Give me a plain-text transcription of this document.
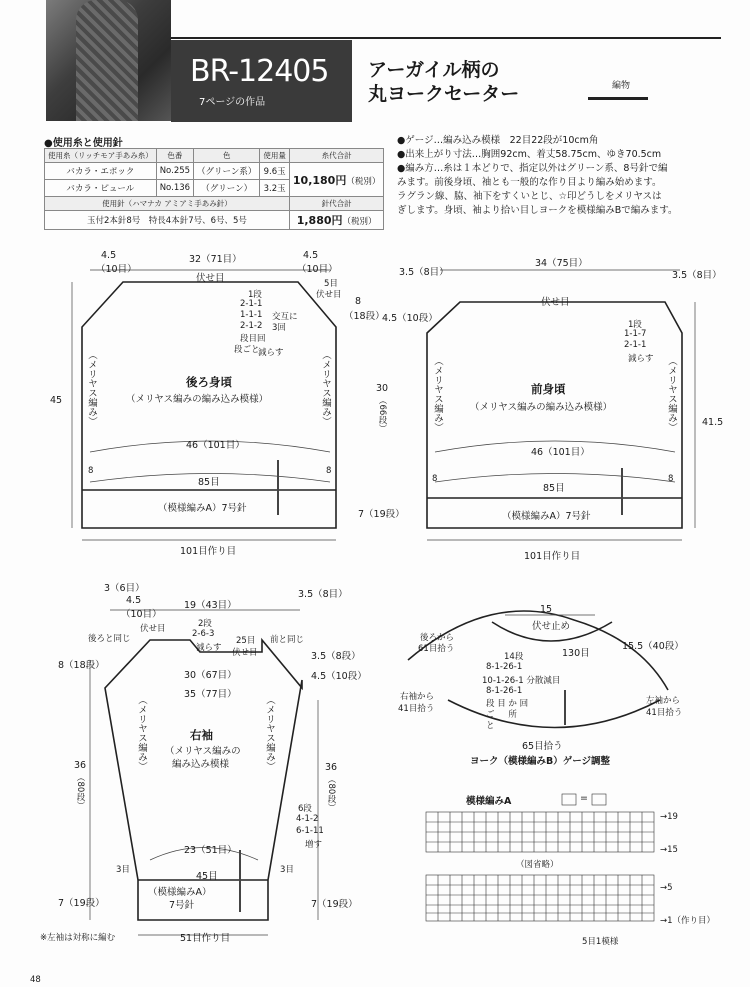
BR-12405
7ページの作品
アーガイル柄の
丸ヨークセーター	編物
●使用糸と使用針
使用糸（リッチモア手あみ糸）	色番	色	使用量	糸代合計
バカラ・エポック	No.255	（グリーン系）	9.6玉	10,180円（税別）
バカラ・ピュール	No.136	（グリーン）	3.2玉	
使用針（ハマナカ アミアミ手あみ針）				針代合計
玉付2本針8号　特長4本針7号、6号、5号				1,880円（税別）
●ゲージ…編み込み模様　22目22段が10cm角
●出来上がり寸法…胸囲92cm、着丈58.75cm、ゆき70.5cm
●編み方…糸は１本どりで、指定以外はグリーン系、8号針で編
みます。前後身頃、袖とも一般的な作り目より編み始めます。
ラグラン線、脇、袖下をすくいとじ、☆印どうしをメリヤスは
ぎします。身頃、袖より拾い目しヨークを模様編みBで編みます。
4.5
（10目）
32（71目）	4.5
（10目）
伏せ目
1段
2-1-1
1-1-1
2-1-2
段目回
交互に
3回
段ごと
減らす
5目
伏せ目
8
（18段）
45	（メリヤス編み）	（メリヤス編み）
後ろ身頃
（メリヤス編みの編み込み模様）
46（101目）
85目
8	8
（模様編みA）7号針
101目作り目
3.5（8目）
34（75目）
3.5（8目）
伏せ目
4.5（10段）
1段
1-1-7
2-1-1
減らす
30
（66段）	41.5
（メリヤス編み）	（メリヤス編み）
前身頃
（メリヤス編みの編み込み模様）
46（101目）
85目
8	8
（模様編みA）7号針
7（19段）
101目作り目
3（6目）
4.5
（10目）
19（43目）
3.5（8目）
後ろと同じ
伏せ目	2段
2-6-3
減らす
25目
伏せ目
前と同じ
3.5（8段）
4.5（10段）
8（18段）
30（67目）
35（77目）
（メリヤス編み）	（メリヤス編み）
右袖
（メリヤス編みの
編み込み模様
36
（80段）
36
（80段）
6段
4-1-2
6-1-11
増す
23（51目）
45目
3目	3目
（模様編みA）
7号針
7（19段）	7（19段）
51目作り目
※左袖は対称に編む
15
伏せ止め
後ろから
61目拾う	130目
15.5（40段）
14段
8-1-26-1
10-1-26-1 分散減目
8-1-26-1
段 目 か 回
ご 　 所
と
右袖から
41目拾う
左袖から
41目拾う
65目拾う
ヨーク（模様編みB）ゲージ調整
模様編みA	=
→19
→15
（図省略）
→5
→1（作り目）
5目1模様
48
